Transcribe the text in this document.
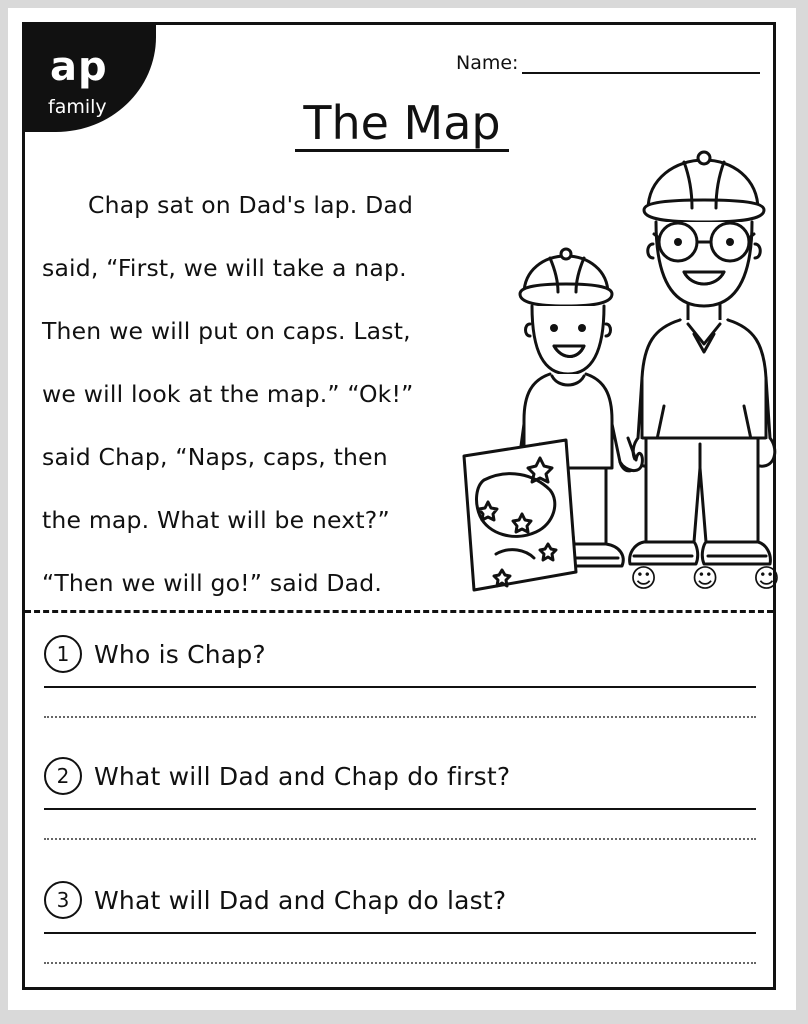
ap
family
Name:
The Map
Chap sat on Dad's lap. Dad
said, “First, we will take a nap.
Then we will put on caps. Last,
we will look at the map.” “Ok!”
said Chap, “Naps, caps, then
the map. What will be next?”
“Then we will go!” said Dad.	☺ ☺ ☺
1 Who is Chap?
2 What will Dad and Chap do first?
3 What will Dad and Chap do last?
